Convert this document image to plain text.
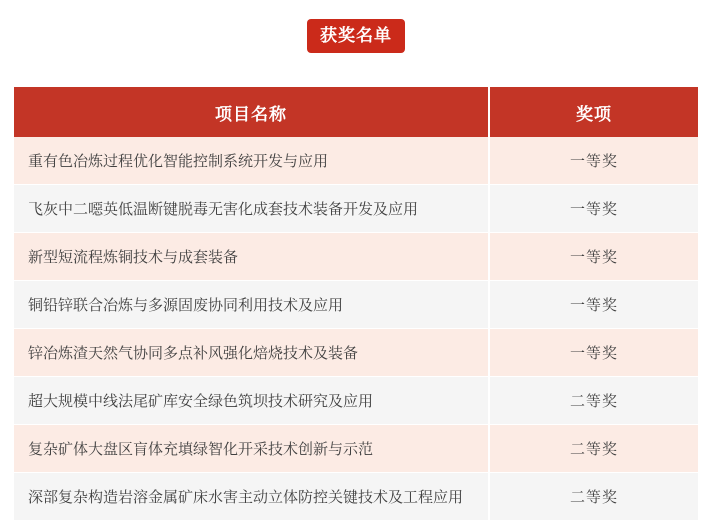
获奖名单
项目名称	奖项
重有色冶炼过程优化智能控制系统开发与应用	一等奖
飞灰中二噁英低温断键脱毒无害化成套技术装备开发及应用	一等奖
新型短流程炼铜技术与成套装备	一等奖
铜铅锌联合冶炼与多源固废协同利用技术及应用	一等奖
锌冶炼渣天然气协同多点补风强化焙烧技术及装备	一等奖
超大规模中线法尾矿库安全绿色筑坝技术研究及应用	二等奖
复杂矿体大盘区肓体充填绿智化开采技术创新与示范	二等奖
深部复杂构造岩溶金属矿床水害主动立体防控关键技术及工程应用	二等奖
